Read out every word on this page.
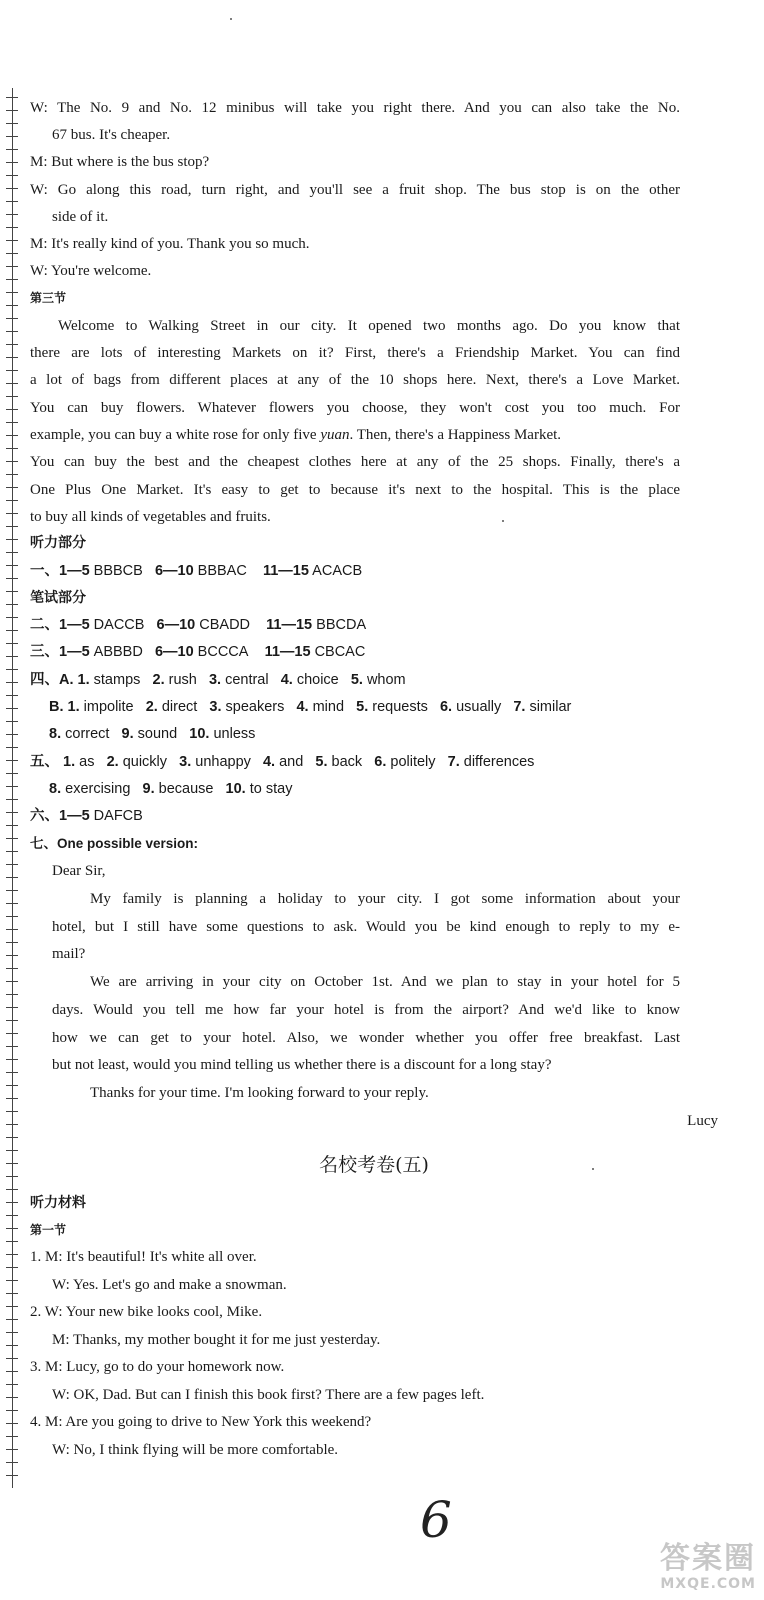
W: The No. 9 and No. 12 minibus will take you right there. And you can also take the No.
67 bus. It's cheaper.
M: But where is the bus stop?
W: Go along this road, turn right, and you'll see a fruit shop. The bus stop is on the other
side of it.
M: It's really kind of you. Thank you so much.
W: You're welcome.
第三节
Welcome to Walking Street in our city. It opened two months ago. Do you know that
there are lots of interesting Markets on it? First, there's a Friendship Market. You can find
a lot of bags from different places at any of the 10 shops here. Next, there's a Love Market.
You can buy flowers. Whatever flowers you choose, they won't cost you too much. For
example, you can buy a white rose for only five yuan. Then, there's a Happiness Market.
You can buy the best and the cheapest clothes here at any of the 25 shops. Finally, there's a
One Plus One Market. It's easy to get to because it's next to the hospital. This is the place
to buy all kinds of vegetables and fruits.
听力部分
一、1—5 BBBCB 6—10 BBBAC 11—15 ACACB
笔试部分
二、1—5 DACCB 6—10 CBADD 11—15 BBCDA
三、1—5 ABBBD 6—10 BCCCA 11—15 CBCAC
四、A. 1. stamps 2. rush 3. central 4. choice 5. whom
B. 1. impolite 2. direct 3. speakers 4. mind 5. requests 6. usually 7. similar
8. correct 9. sound 10. unless
五、 1. as 2. quickly 3. unhappy 4. and 5. back 6. politely 7. differences
8. exercising 9. because 10. to stay
六、1—5 DAFCB
七、One possible version:
Dear Sir,
My family is planning a holiday to your city. I got some information about your
hotel, but I still have some questions to ask. Would you be kind enough to reply to my e-
mail?
We are arriving in your city on October 1st. And we plan to stay in your hotel for 5
days. Would you tell me how far your hotel is from the airport? And we'd like to know
how we can get to your hotel. Also, we wonder whether you offer free breakfast. Last
but not least, would you mind telling us whether there is a discount for a long stay?
Thanks for your time. I'm looking forward to your reply.
Lucy
名校考卷(五)
听力材料
第一节
1. M: It's beautiful! It's white all over.
W: Yes. Let's go and make a snowman.
2. W: Your new bike looks cool, Mike.
M: Thanks, my mother bought it for me just yesterday.
3. M: Lucy, go to do your homework now.
W: OK, Dad. But can I finish this book first? There are a few pages left.
4. M: Are you going to drive to New York this weekend?
W: No, I think flying will be more comfortable.
6
答案圈
MXQE.COM
